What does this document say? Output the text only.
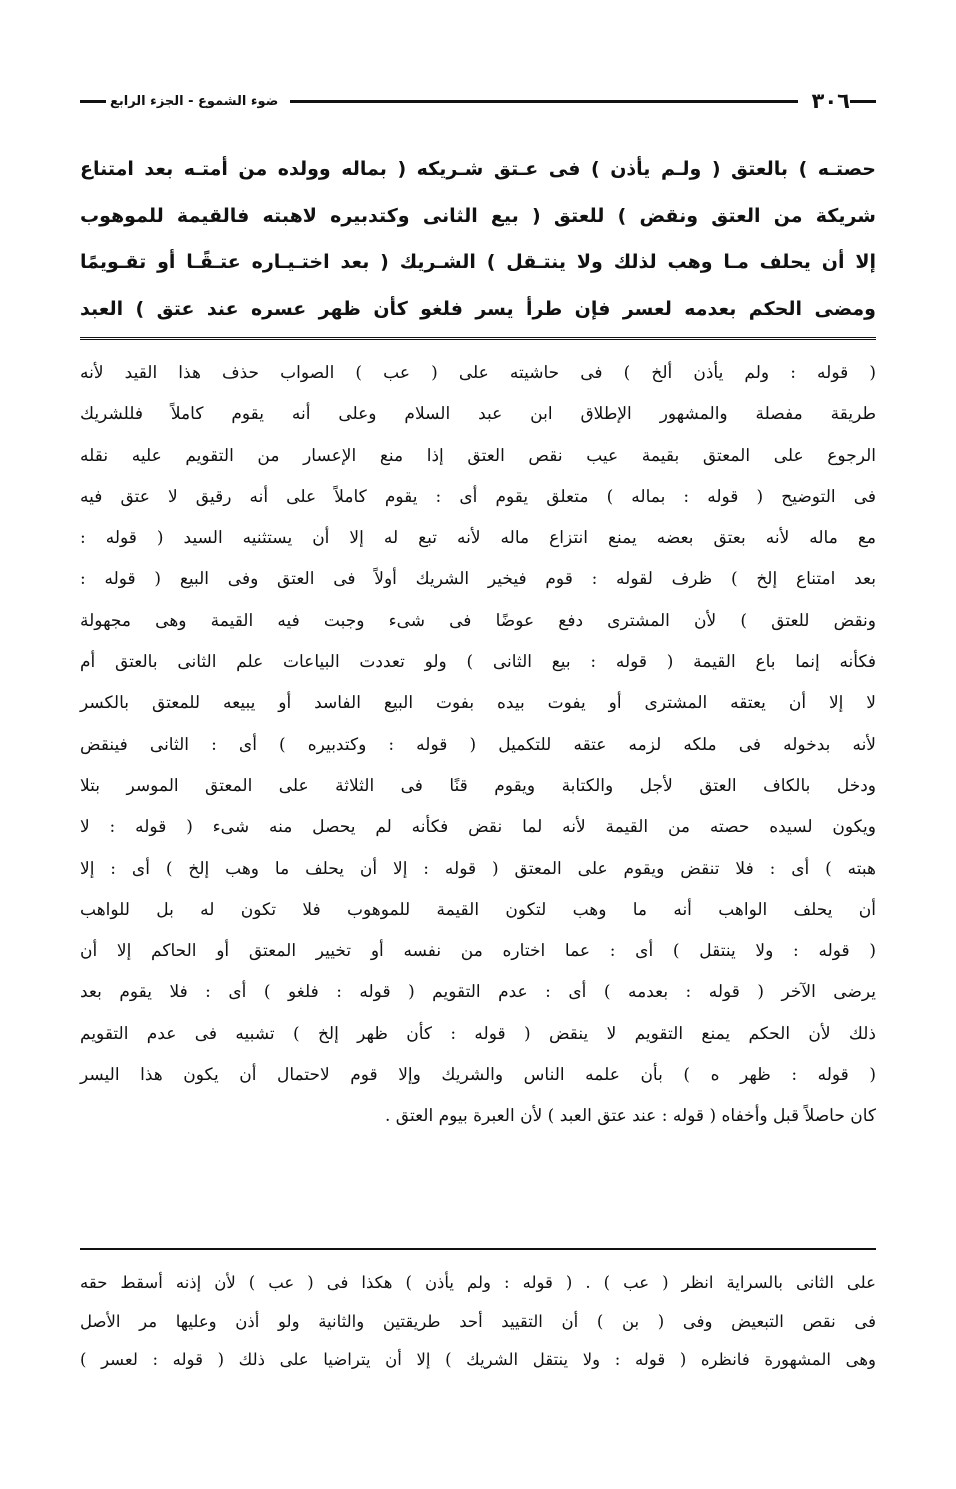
٣٠٦
ضوء الشموع - الجزء الرابع

حصتـه ) بالعتق ( ولـم يأذن ) فى عـتق شـريكه ( بماله وولده من أمتـه بعد امتناع

شريكة من العتق ونقض ) للعتق ( بيع الثانى وكتدبيره لاهبته فالقيمة للموهوب

إلا أن يحلف مـا وهب لذلك ولا ينتـقل ) الشـريك ( بعد اختـيـاره عتـقًـا أو تقـويمًا

ومضى الحكم بعدمه لعسر فإن طرأ يسر فلغو كأن ظهر عسره عند عتق ) العبد

( قوله : ولم يأذن ألخ ) فى حاشيته على ( عب ) الصواب حذف هذا القيد لأنه

طريقة مفصلة والمشهور الإطلاق ابن عبد السلام وعلى أنه يقوم كاملاً فللشريك

الرجوع على المعتق بقيمة عيب نقص العتق إذا منع الإعسار من التقويم عليه نقله

فى التوضيح ( قوله : بماله ) متعلق يقوم أى : يقوم كاملاً على أنه رقيق لا عتق فيه

مع ماله لأنه بعتق بعضه يمنع انتزاع ماله لأنه تبع له إلا أن يستثنيه السيد ( قوله :

بعد امتناع إلخ ) ظرف لقوله : قوم فيخير الشريك أولاً فى العتق وفى البيع ( قوله :

ونقض للعتق ) لأن المشترى دفع عوضًا فى شىء وجبت فيه القيمة وهى مجهولة

فكأنه إنما باع القيمة ( قوله : بيع الثانى ) ولو تعددت البياعات علم الثانى بالعتق أم

لا إلا أن يعتقه المشترى أو يفوت بيده بفوت البيع الفاسد أو يبيعه للمعتق بالكسر

لأنه بدخوله فى ملكه لزمه عتقه للتكميل ( قوله : وكتدبيره ) أى : الثانى فينقض

ودخل بالكاف العتق لأجل والكتابة ويقوم قنًا فى الثلاثة على المعتق الموسر بتلا

ويكون لسيده حصته من القيمة لأنه لما نقض فكأنه لم يحصل منه شىء ( قوله : لا

هبته ) أى : فلا تنقض ويقوم على المعتق ( قوله : إلا أن يحلف ما وهب إلخ ) أى : إلا

أن يحلف الواهب أنه ما وهب لتكون القيمة للموهوب فلا تكون له بل للواهب

( قوله : ولا ينتقل ) أى : عما اختاره من نفسه أو تخيير المعتق أو الحاكم إلا أن

يرضى الآخر ( قوله : بعدمه ) أى : عدم التقويم ( قوله : فلغو ) أى : فلا يقوم بعد

ذلك لأن الحكم يمنع التقويم لا ينقض ( قوله : كأن ظهر إلخ ) تشبيه فى عدم التقويم

( قوله : ظهر ه ) بأن علمه الناس والشريك وإلا قوم لاحتمال أن يكون هذا اليسر

كان حاصلاً قبل وأخفاه ( قوله : عند عتق العبد ) لأن العبرة بيوم العتق .

على الثانى بالسراية انظر ( عب ) . ( قوله : ولم يأذن ) هكذا فى ( عب ) لأن إذنه أسقط حقه

فى نقص التبعيض وفى ( بن ) أن التقييد أحد طريقتين والثانية ولو أذن وعليها مر الأصل

وهى المشهورة فانظره ( قوله : ولا ينتقل الشريك ) إلا أن يتراضيا على ذلك ( قوله : لعسر )
